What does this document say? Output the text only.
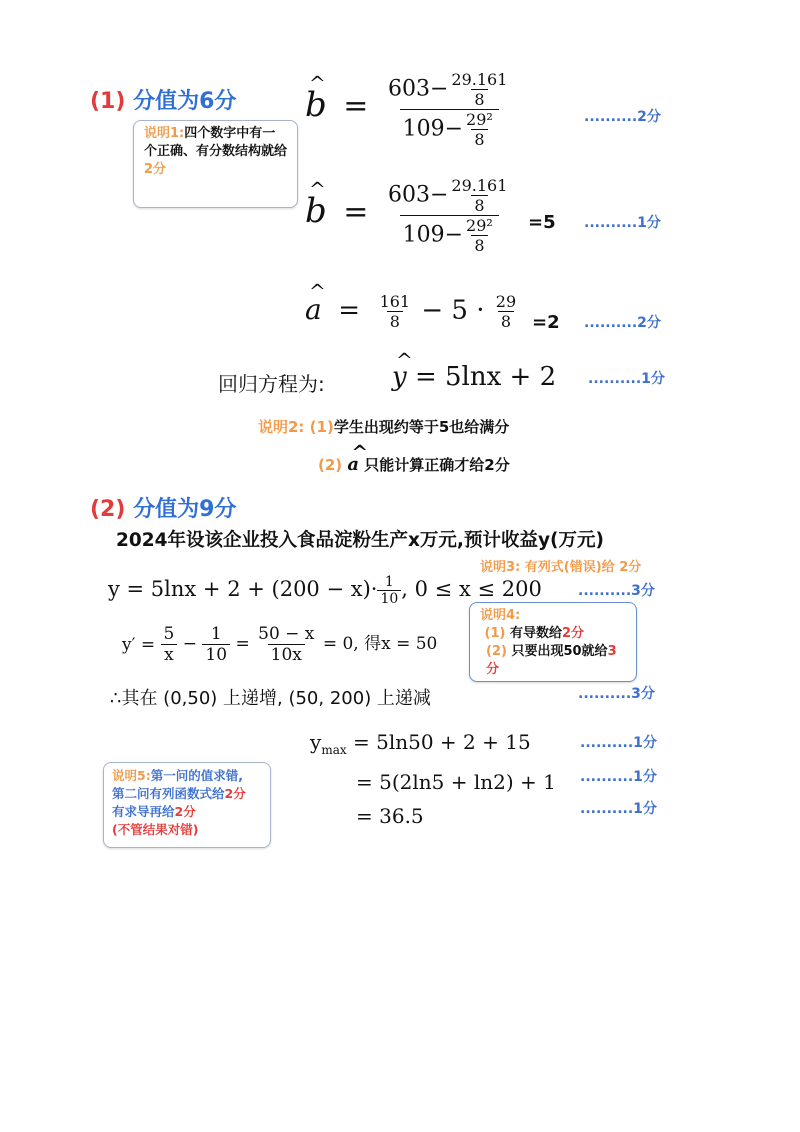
(1) 分值为6分
说明1:四个数字中有一个正确、有分数结构就给2分
^ $b = \frac{603- \frac{29.161}{8}}{109- \frac{\text{29²}}{8}}$	..........2分
^ $b = \frac{603- \frac{29.161}{8}}{109- \frac{\text{29²}}{8}} =5$ ..........1分
^ $a = \frac{161}{8} - 5 \cdot \frac{29}{8} =2$ ..........2分
回归方程为:	^ y = 5lnx + 2 ..........1分
说明2: (1)学生出现约等于5也给满分
(2) ^ a 只能计算正确才给2分
(2) 分值为9分
2024年设该企业投入食品淀粉生产x万元,预计收益y(万元)
说明3: 有列式(错误)给 2分
$y = 5\ln x + 2 + (200 - x)\cdot \frac{1}{10}$ , 0 ≤ x ≤ 200	..........3分
说明4:
(1) 有导数给2分
(2) 只要出现50就给3分
y′ =
$\frac{5}{x} - \frac{1}{10} = \frac{50 - x}{10x} = 0$, 得x = 50
∴其在 (0,50) 上递增, (50, 200) 上递减	..........3分
$y_{max} = 5\ln 50 + 2 + 15$	..........1分
= 5(2ln5 + ln2) + 1 ..........1分
= 36.5	..........1分
说明5:第一问的值求错,
第二问有列函数式给2分
有求导再给2分
(不管结果对错)
